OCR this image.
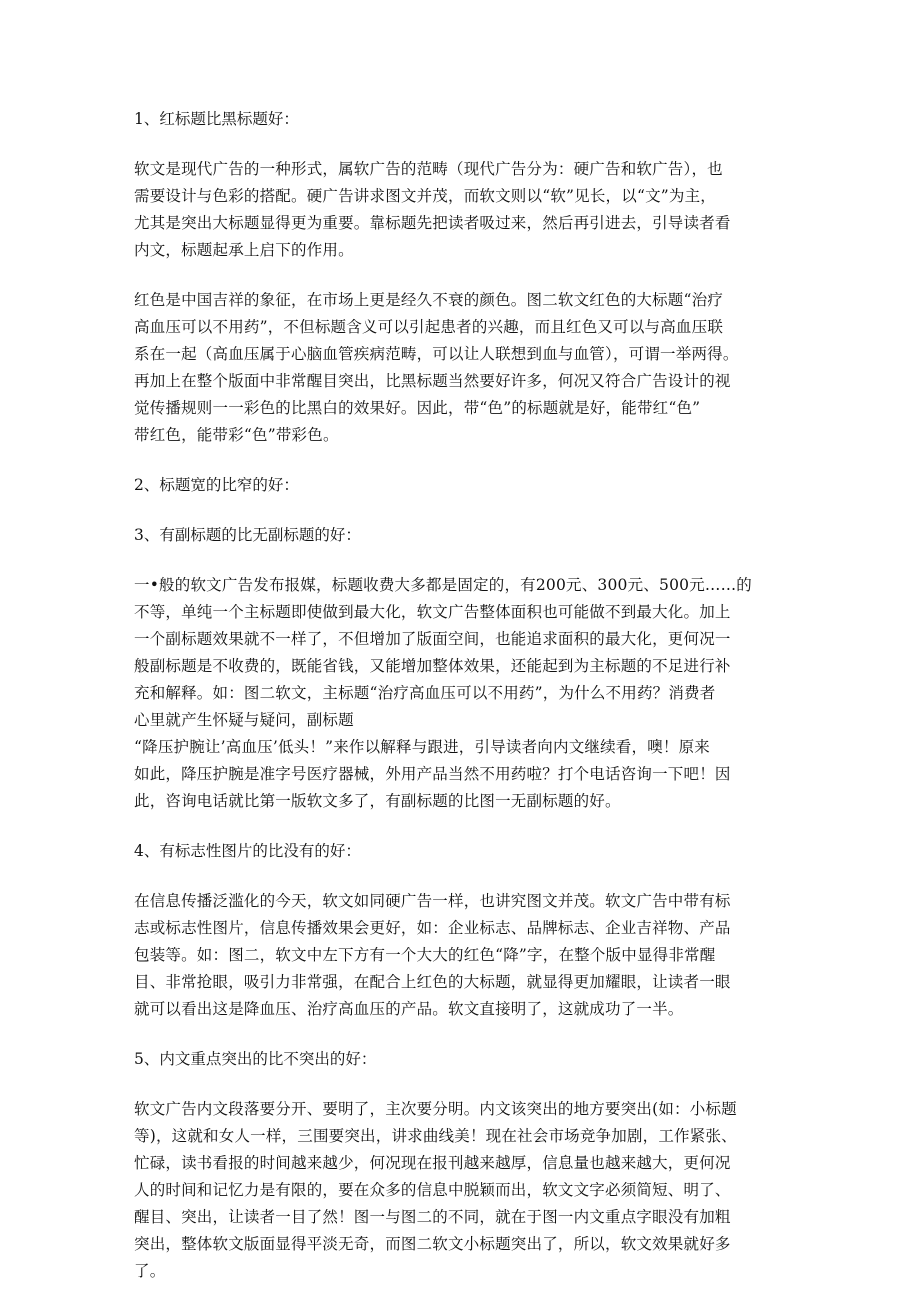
1、红标题比黑标题好：

软文是现代广告的一种形式，属软广告的范畴（现代广告分为：硬广告和软广告），也
需要设计与色彩的搭配。硬广告讲求图文并茂，而软文则以“软”见长，以“文”为主，
尤其是突出大标题显得更为重要。靠标题先把读者吸过来，然后再引进去，引导读者看
内文，标题起承上启下的作用。

红色是中国吉祥的象征，在市场上更是经久不衰的颜色。图二软文红色的大标题“治疗
高血压可以不用药”，不但标题含义可以引起患者的兴趣，而且红色又可以与高血压联
系在一起（高血压属于心脑血管疾病范畴，可以让人联想到血与血管），可谓一举两得。
再加上在整个版面中非常醒目突出，比黑标题当然要好许多，何况又符合广告设计的视
觉传播规则一一彩色的比黑白的效果好。因此，带“色”的标题就是好，能带红“色”
带红色，能带彩“色”带彩色。

2、标题宽的比窄的好：

3、有副标题的比无副标题的好：

一•般的软文广告发布报媒，标题收费大多都是固定的，有200元、300元、500元……的
不等，单纯一个主标题即使做到最大化，软文广告整体面积也可能做不到最大化。加上
一个副标题效果就不一样了，不但增加了版面空间，也能追求面积的最大化，更何况一
般副标题是不收费的，既能省钱，又能增加整体效果，还能起到为主标题的不足进行补
充和解释。如：图二软文，主标题“治疗高血压可以不用药”，为什么不用药？消费者
心里就产生怀疑与疑问，副标题
“降压护腕让’高血压’低头！”来作以解释与跟进，引导读者向内文继续看，噢！原来
如此，降压护腕是准字号医疗器械，外用产品当然不用药啦？打个电话咨询一下吧！因
此，咨询电话就比第一版软文多了，有副标题的比图一无副标题的好。

4、有标志性图片的比没有的好：

在信息传播泛滥化的今天，软文如同硬广告一样，也讲究图文并茂。软文广告中带有标
志或标志性图片，信息传播效果会更好，如：企业标志、品牌标志、企业吉祥物、产品
包装等。如：图二，软文中左下方有一个大大的红色“降”字，在整个版中显得非常醒
目、非常抢眼，吸引力非常强，在配合上红色的大标题，就显得更加耀眼，让读者一眼
就可以看出这是降血压、治疗高血压的产品。软文直接明了，这就成功了一半。

5、内文重点突出的比不突出的好：

软文广告内文段落要分开、要明了，主次要分明。内文该突出的地方要突出(如：小标题
等)，这就和女人一样，三围要突出，讲求曲线美！现在社会市场竞争加剧，工作紧张、
忙碌，读书看报的时间越来越少，何况现在报刊越来越厚，信息量也越来越大，更何况
人的时间和记忆力是有限的，要在众多的信息中脱颖而出，软文文字必须简短、明了、
醒目、突出，让读者一目了然！图一与图二的不同，就在于图一内文重点字眼没有加粗
突出，整体软文版面显得平淡无奇，而图二软文小标题突出了，所以，软文效果就好多
了。
